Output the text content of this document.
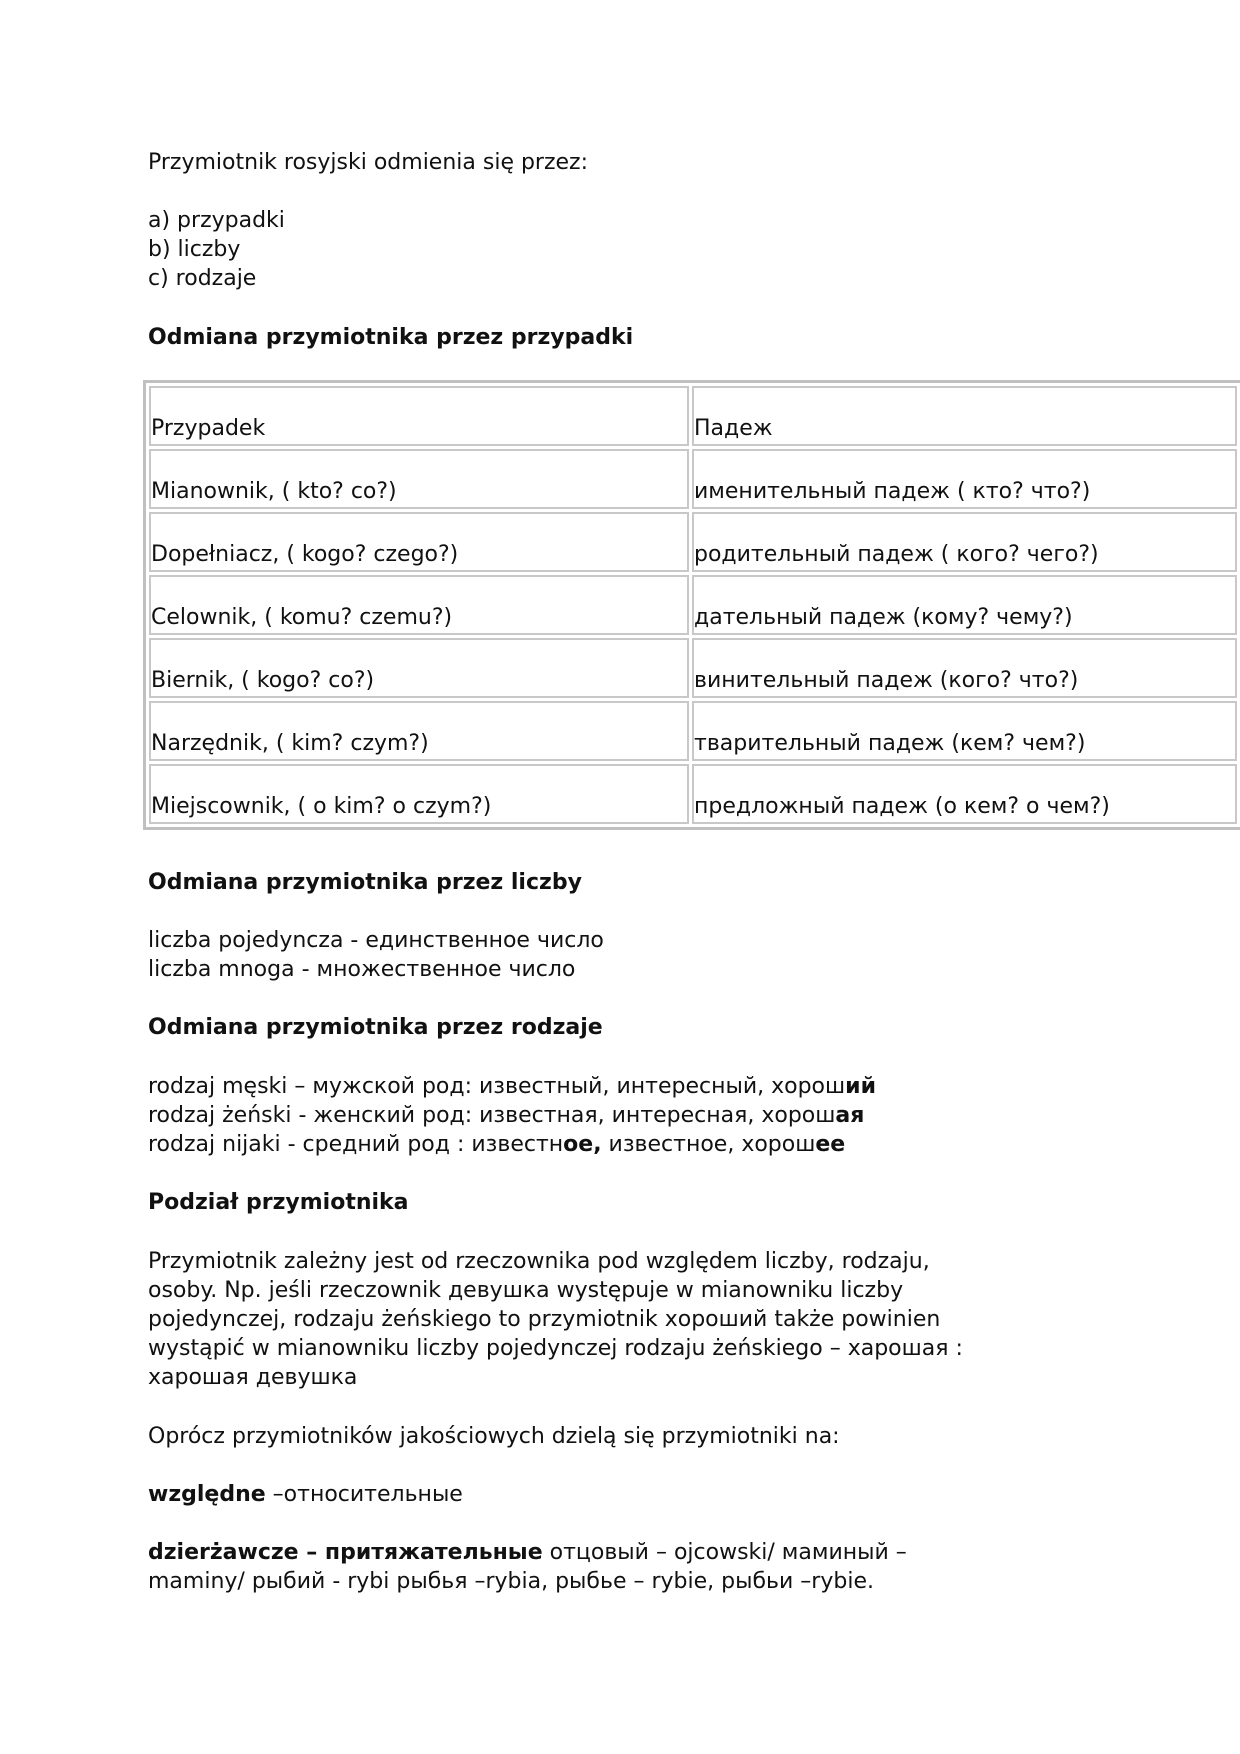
Przymiotnik rosyjski odmienia się przez:
a) przypadki
b) liczby
c) rodzaje
Odmiana przymiotnika przez przypadki
Przypadek	Падеж
Mianownik, ( kto? co?)	именительный падеж ( кто? что?)
Dopełniacz, ( kogo? czego?)	родительный падеж ( кого? чего?)
Celownik, ( komu? czemu?)	дательный падеж (кому? чему?)
Biernik, ( kogo? co?)	винительный падеж (кого? что?)
Narzędnik, ( kim? czym?)	тварительный падеж (кем? чем?)
Miejscownik, ( o kim? o czym?)	предложный падеж (о кем? о чем?)
Odmiana przymiotnika przez liczby
liczba pojedyncza - единственное число
liczba mnoga - множественное число
Odmiana przymiotnika przez rodzaje
rodzaj męski – мужской род: известный, интересный, хороший
rodzaj żeński - женский род: известная, интересная, хорошая
rodzaj nijaki - средний род : известное, известное, хорошее
Podział przymiotnika
Przymiotnik zależny jest od rzeczownika pod względem liczby, rodzaju,
osoby. Np. jeśli rzeczownik девушка występuje w mianowniku liczby
pojedynczej, rodzaju żeńskiego to przymiotnik хороший także powinien
wystąpić w mianowniku liczby pojedynczej rodzaju żeńskiego – харошая :
харошая девушка
Oprócz przymiotników jakościowych dzielą się przymiotniki na:
względne –относительные
dzierżawcze – притяжательные отцовый – ojcowski/ маминый –
maminy/ рыбий - rybi рыбья –rybia, рыбье – rybie, рыбьи –rybie.
